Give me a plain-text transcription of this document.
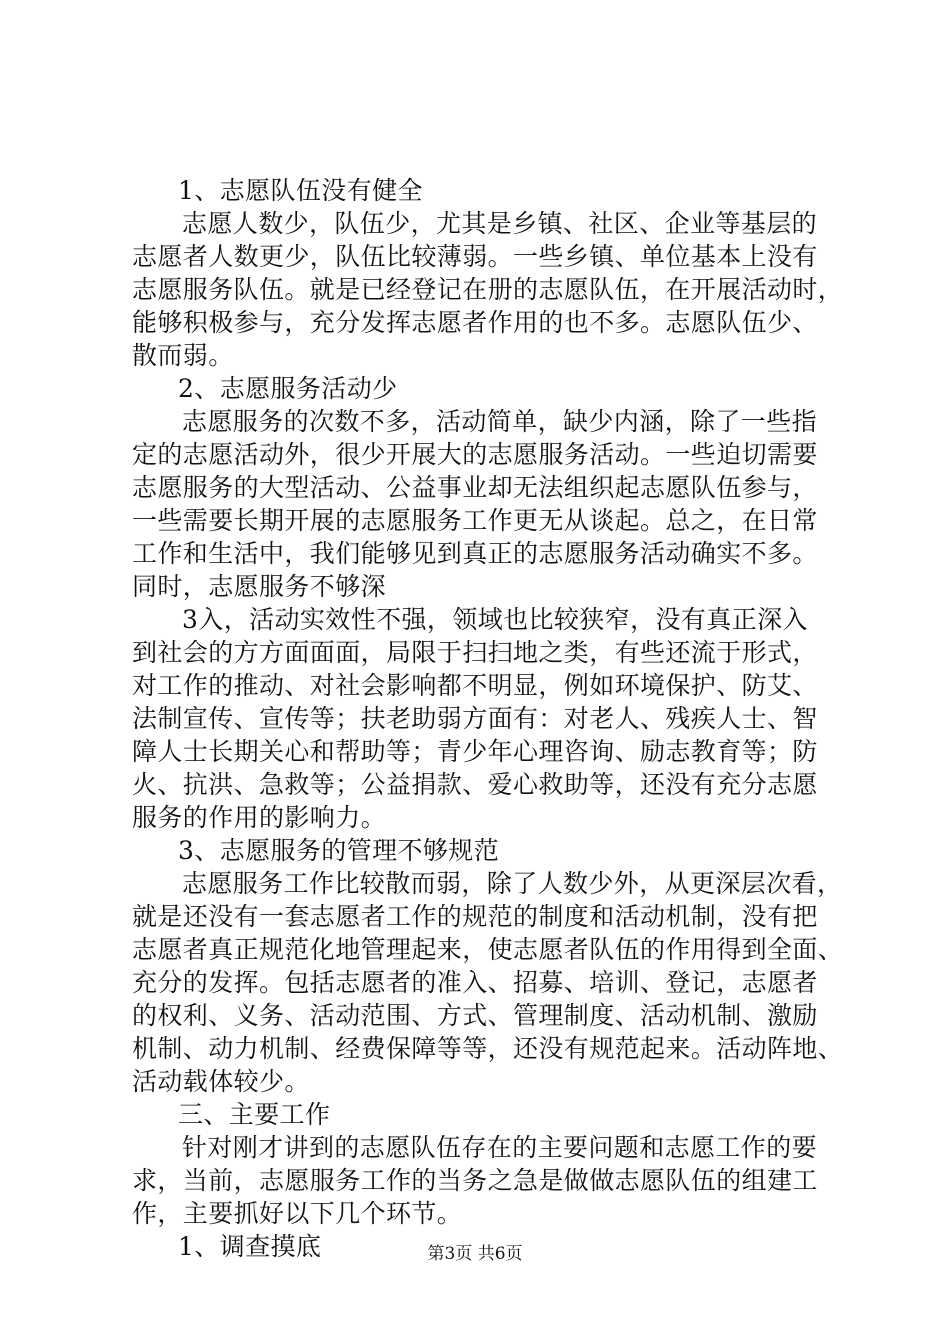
1、志愿队伍没有健全
志愿人数少，队伍少，尤其是乡镇、社区、企业等基层的
志愿者人数更少，队伍比较薄弱。一些乡镇、单位基本上没有
志愿服务队伍。就是已经登记在册的志愿队伍，在开展活动时，
能够积极参与，充分发挥志愿者作用的也不多。志愿队伍少、
散而弱。
2、志愿服务活动少
志愿服务的次数不多，活动简单，缺少内涵，除了一些指
定的志愿活动外，很少开展大的志愿服务活动。一些迫切需要
志愿服务的大型活动、公益事业却无法组织起志愿队伍参与，
一些需要长期开展的志愿服务工作更无从谈起。总之，在日常
工作和生活中，我们能够见到真正的志愿服务活动确实不多。
同时，志愿服务不够深
3入，活动实效性不强，领域也比较狭窄，没有真正深入
到社会的方方面面面，局限于扫扫地之类，有些还流于形式，
对工作的推动、对社会影响都不明显，例如环境保护、防艾、
法制宣传、宣传等；扶老助弱方面有：对老人、残疾人士、智
障人士长期关心和帮助等；青少年心理咨询、励志教育等；防
火、抗洪、急救等；公益捐款、爱心救助等，还没有充分志愿
服务的作用的影响力。
3、志愿服务的管理不够规范
志愿服务工作比较散而弱，除了人数少外，从更深层次看，
就是还没有一套志愿者工作的规范的制度和活动机制，没有把
志愿者真正规范化地管理起来，使志愿者队伍的作用得到全面、
充分的发挥。包括志愿者的准入、招募、培训、登记，志愿者
的权利、义务、活动范围、方式、管理制度、活动机制、激励
机制、动力机制、经费保障等等，还没有规范起来。活动阵地、
活动载体较少。
三、主要工作
针对刚才讲到的志愿队伍存在的主要问题和志愿工作的要
求，当前，志愿服务工作的当务之急是做做志愿队伍的组建工
作，主要抓好以下几个环节。
1、调查摸底	第3页 共6页
